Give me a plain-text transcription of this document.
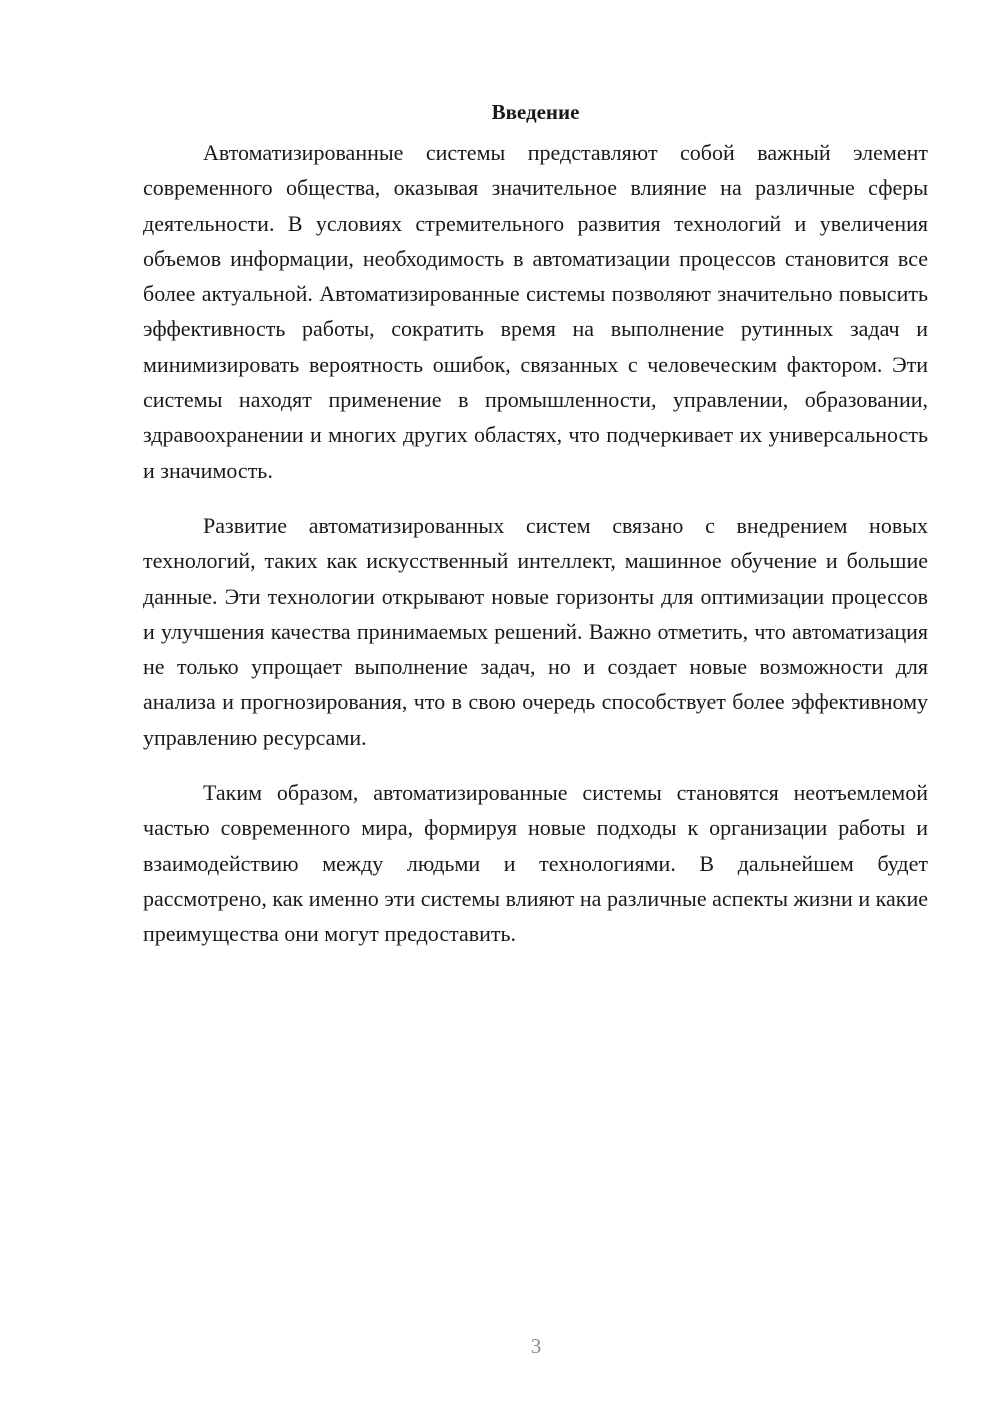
Введение

Автоматизированные системы представляют собой важный элемент современного общества, оказывая значительное влияние на различные сферы деятельности. В условиях стремительного развития технологий и увеличения объемов информации, необходимость в автоматизации процессов становится все более актуальной. Автоматизированные системы позволяют значительно повысить эффективность работы, сократить время на выполнение рутинных задач и минимизировать вероятность ошибок, связанных с человеческим фактором. Эти системы находят применение в промышленности, управлении, образовании, здравоохранении и многих других областях, что подчеркивает их универсальность и значимость.

Развитие автоматизированных систем связано с внедрением новых технологий, таких как искусственный интеллект, машинное обучение и большие данные. Эти технологии открывают новые горизонты для оптимизации процессов и улучшения качества принимаемых решений. Важно отметить, что автоматизация не только упрощает выполнение задач, но и создает новые возможности для анализа и прогнозирования, что в свою очередь способствует более эффективному управлению ресурсами.

Таким образом, автоматизированные системы становятся неотъемлемой частью современного мира, формируя новые подходы к организации работы и взаимодействию между людьми и технологиями. В дальнейшем будет рассмотрено, как именно эти системы влияют на различные аспекты жизни и какие преимущества они могут предоставить.

3
